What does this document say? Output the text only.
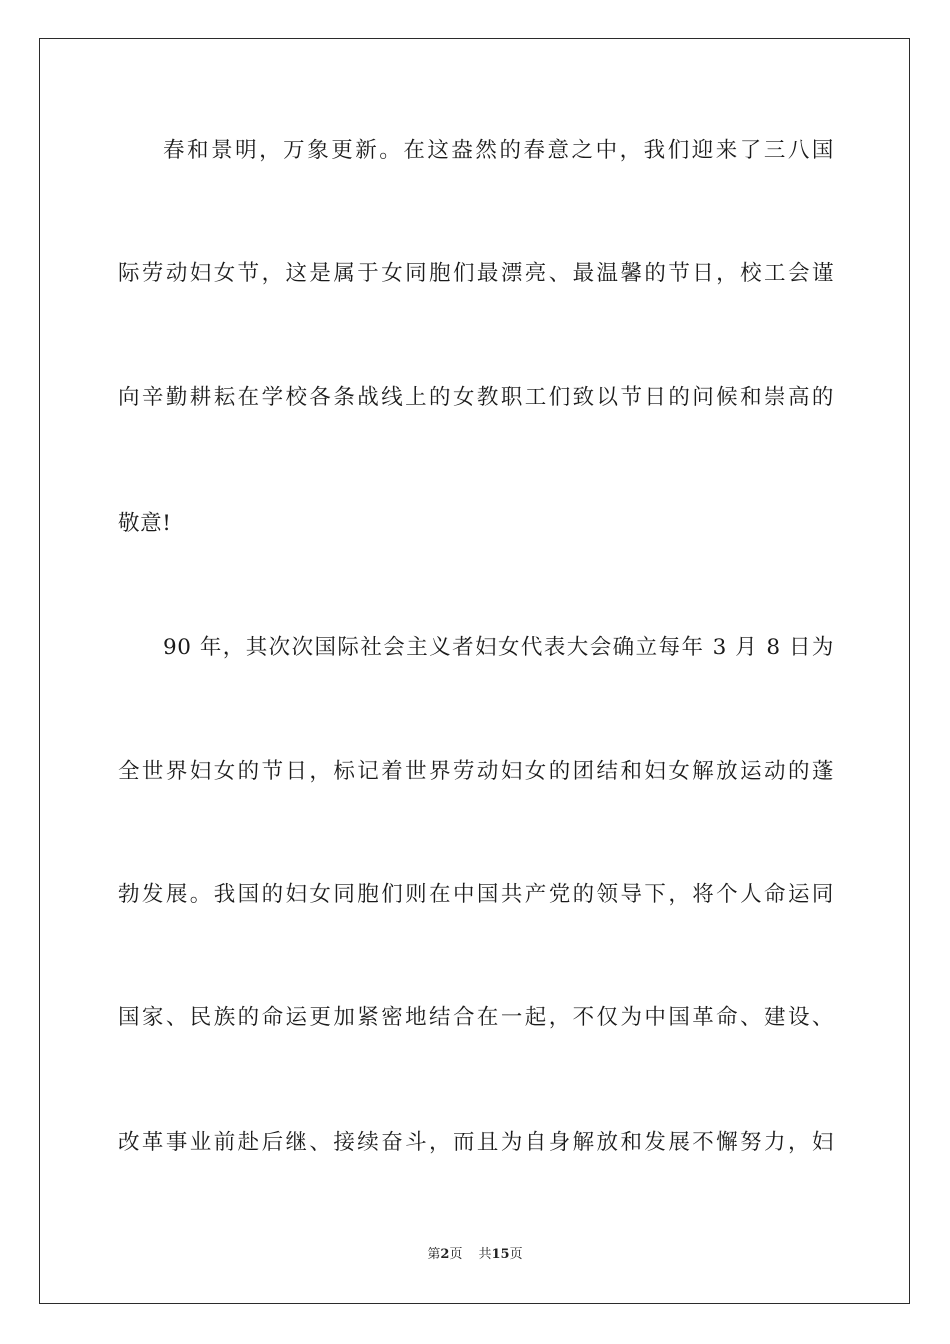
春和景明，万象更新。在这盎然的春意之中，我们迎来了三八国
际劳动妇女节，这是属于女同胞们最漂亮、最温馨的节日，校工会谨
向辛勤耕耘在学校各条战线上的女教职工们致以节日的问候和崇高的
敬意!
90 年，其次次国际社会主义者妇女代表大会确立每年 3 月 8 日为
全世界妇女的节日，标记着世界劳动妇女的团结和妇女解放运动的蓬
勃发展。我国的妇女同胞们则在中国共产党的领导下，将个人命运同
国家、民族的命运更加紧密地结合在一起，不仅为中国革命、建设、
改革事业前赴后继、接续奋斗，而且为自身解放和发展不懈努力，妇
第2页 共15页
